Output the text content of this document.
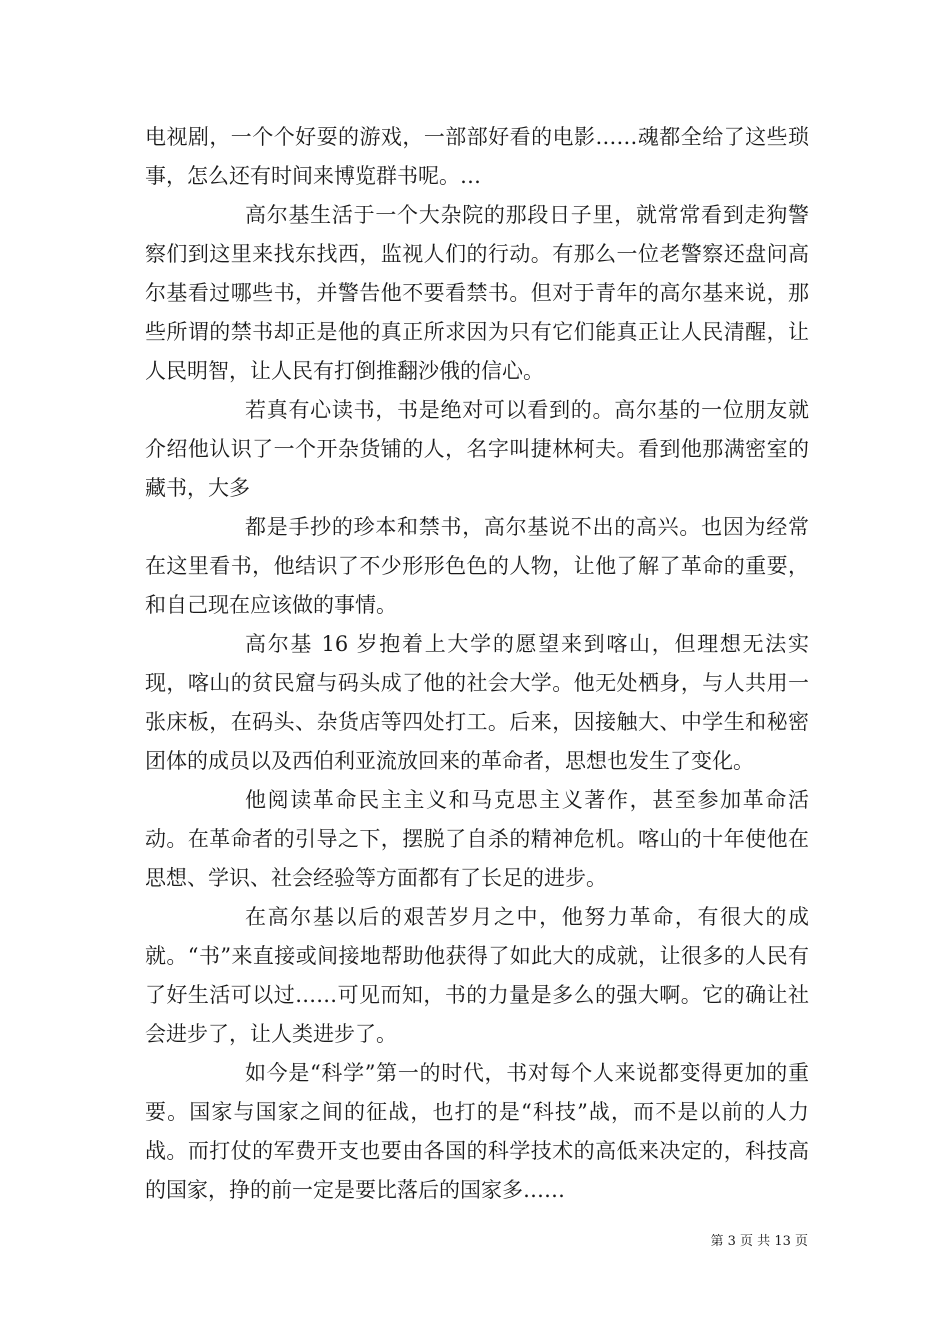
电视剧，一个个好耍的游戏，一部部好看的电影……魂都全给了这些琐事，怎么还有时间来博览群书呢。…

高尔基生活于一个大杂院的那段日子里，就常常看到走狗警察们到这里来找东找西，监视人们的行动。有那么一位老警察还盘问高尔基看过哪些书，并警告他不要看禁书。但对于青年的高尔基来说，那些所谓的禁书却正是他的真正所求因为只有它们能真正让人民清醒，让人民明智，让人民有打倒推翻沙俄的信心。

若真有心读书，书是绝对可以看到的。高尔基的一位朋友就介绍他认识了一个开杂货铺的人，名字叫捷林柯夫。看到他那满密室的藏书，大多

都是手抄的珍本和禁书，高尔基说不出的高兴。也因为经常在这里看书，他结识了不少形形色色的人物，让他了解了革命的重要，和自己现在应该做的事情。

高尔基 16 岁抱着上大学的愿望来到喀山，但理想无法实现，喀山的贫民窟与码头成了他的社会大学。他无处栖身，与人共用一张床板，在码头、杂货店等四处打工。后来，因接触大、中学生和秘密团体的成员以及西伯利亚流放回来的革命者，思想也发生了变化。

他阅读革命民主主义和马克思主义著作，甚至参加革命活动。在革命者的引导之下，摆脱了自杀的精神危机。喀山的十年使他在思想、学识、社会经验等方面都有了长足的进步。

在高尔基以后的艰苦岁月之中，他努力革命，有很大的成就。“书”来直接或间接地帮助他获得了如此大的成就，让很多的人民有了好生活可以过……可见而知，书的力量是多么的强大啊。它的确让社会进步了，让人类进步了。

如今是“科学”第一的时代，书对每个人来说都变得更加的重要。国家与国家之间的征战，也打的是“科技”战，而不是以前的人力战。而打仗的军费开支也要由各国的科学技术的高低来决定的，科技高的国家，挣的前一定是要比落后的国家多……

第 3 页 共 13 页
